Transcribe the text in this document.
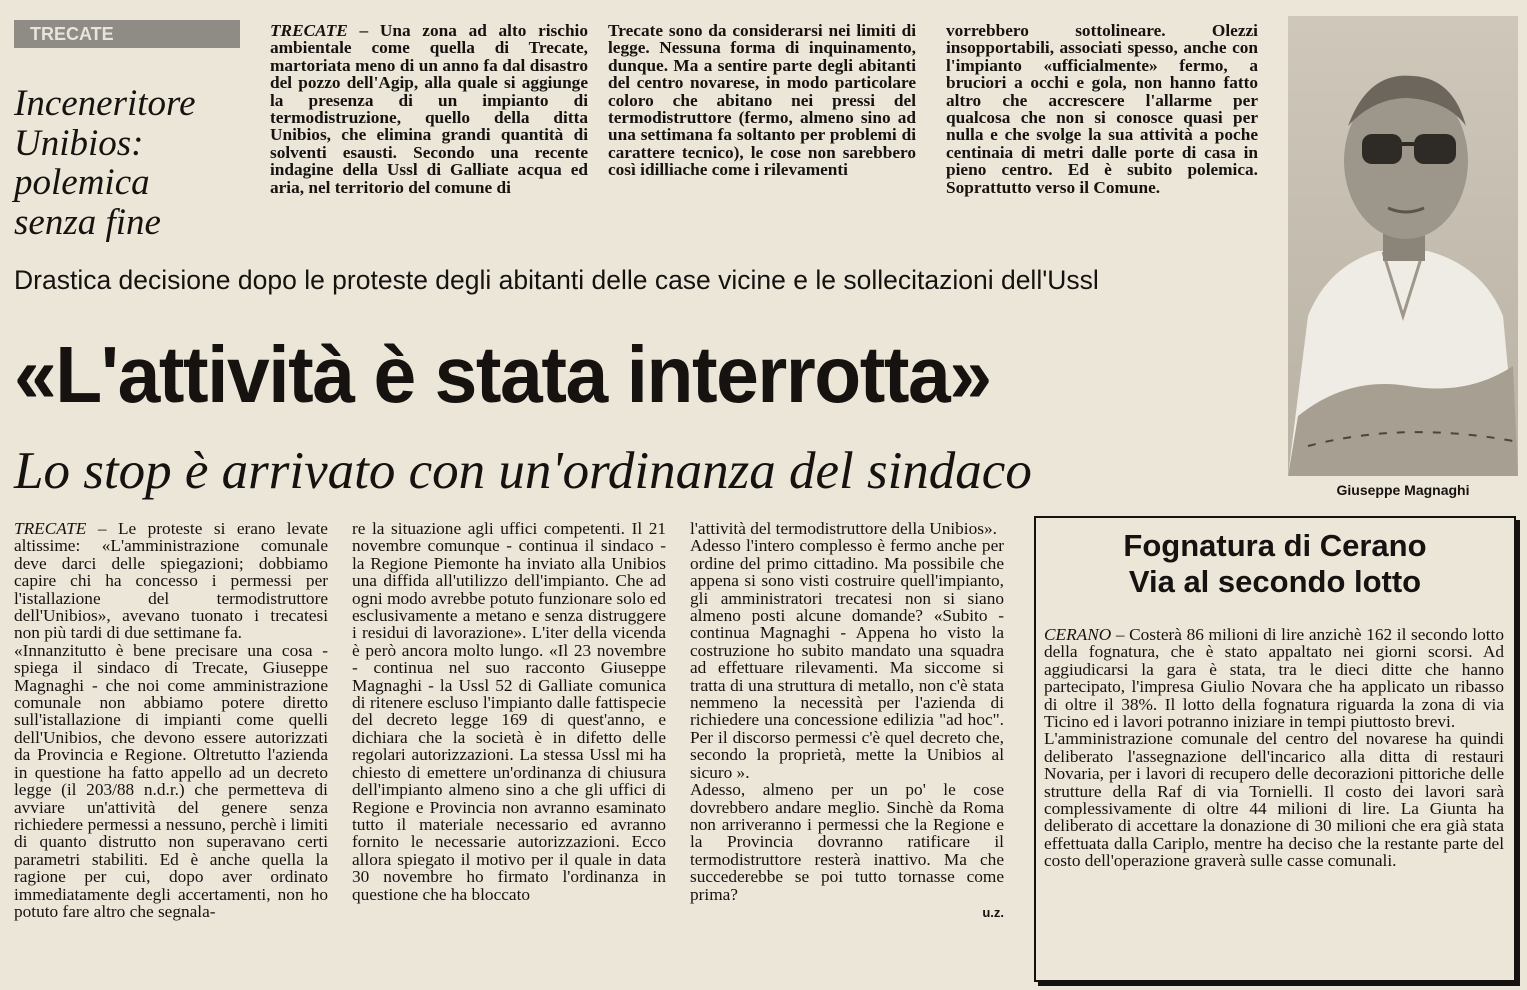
TRECATE
Inceneritore
Unibios:
polemica
senza fine

TRECATE – Una zona ad alto rischio ambientale come quella di Trecate, martoriata meno di un anno fa dal disastro del pozzo dell'Agip, alla quale si aggiunge la presenza di un impianto di termodistruzione, quello della ditta Unibios, che elimina grandi quantità di solventi esausti. Secondo una recente indagine della Ussl di Galliate acqua ed aria, nel territorio del comune di

Trecate sono da considerarsi nei limiti di legge. Nessuna forma di inquinamento, dunque. Ma a sentire parte degli abitanti del centro novarese, in modo particolare coloro che abitano nei pressi del termodistruttore (fermo, almeno sino ad una settimana fa soltanto per problemi di carattere tecnico), le cose non sarebbero così idilliache come i rilevamenti

vorrebbero sottolineare. Olezzi insopportabili, associati spesso, anche con l'impianto «ufficialmente» fermo, a bruciori a occhi e gola, non hanno fatto altro che accrescere l'allarme per qualcosa che non si conosce quasi per nulla e che svolge la sua attività a poche centinaia di metri dalle porte di casa in pieno centro. Ed è subito polemica. Soprattutto verso il Comune.

Giuseppe Magnaghi
Drastica decisione dopo le proteste degli abitanti delle case vicine e le sollecitazioni dell'Ussl
«L'attività è stata interrotta»
Lo stop è arrivato con un'ordinanza del sindaco

TRECATE – Le proteste si erano levate altissime: «L'amministrazione comunale deve darci delle spiegazioni; dobbiamo capire chi ha concesso i permessi per l'istallazione del termodistruttore dell'Unibios», avevano tuonato i trecatesi non più tardi di due settimane fa.

«Innanzitutto è bene precisare una cosa - spiega il sindaco di Trecate, Giuseppe Magnaghi - che noi come amministrazione comunale non abbiamo potere diretto sull'istallazione di impianti come quelli dell'Unibios, che devono essere autorizzati da Provincia e Regione. Oltretutto l'azienda in questione ha fatto appello ad un decreto legge (il 203/88 n.d.r.) che permetteva di avviare un'attività del genere senza richiedere permessi a nessuno, perchè i limiti di quanto distrutto non superavano certi parametri stabiliti. Ed è anche quella la ragione per cui, dopo aver ordinato immediatamente degli accertamenti, non ho potuto fare altro che segnala-

re la situazione agli uffici competenti. Il 21 novembre comunque - continua il sindaco - la Regione Piemonte ha inviato alla Unibios una diffida all'utilizzo dell'impianto. Che ad ogni modo avrebbe potuto funzionare solo ed esclusivamente a metano e senza distruggere i residui di lavorazione». L'iter della vicenda è però ancora molto lungo. «Il 23 novembre - continua nel suo racconto Giuseppe Magnaghi - la Ussl 52 di Galliate comunica di ritenere escluso l'impianto dalle fattispecie del decreto legge 169 di quest'anno, e dichiara che la società è in difetto delle regolari autorizzazioni. La stessa Ussl mi ha chiesto di emettere un'ordinanza di chiusura dell'impianto almeno sino a che gli uffici di Regione e Provincia non avranno esaminato tutto il materiale necessario ed avranno fornito le necessarie autorizzazioni. Ecco allora spiegato il motivo per il quale in data 30 novembre ho firmato l'ordinanza in questione che ha bloccato

l'attività del termodistruttore della Unibios».

Adesso l'intero complesso è fermo anche per ordine del primo cittadino. Ma possibile che appena si sono visti costruire quell'impianto, gli amministratori trecatesi non si siano almeno posti alcune domande? «Subito - continua Magnaghi - Appena ho visto la costruzione ho subito mandato una squadra ad effettuare rilevamenti. Ma siccome si tratta di una struttura di metallo, non c'è stata nemmeno la necessità per l'azienda di richiedere una concessione edilizia "ad hoc". Per il discorso permessi c'è quel decreto che, secondo la proprietà, mette la Unibios al sicuro ».

Adesso, almeno per un po' le cose dovrebbero andare meglio. Sinchè da Roma non arriveranno i permessi che la Regione e la Provincia dovranno ratificare il termodistruttore resterà inattivo. Ma che succederebbe se poi tutto tornasse come prima?

u.z.

Fognatura di Cerano
Via al secondo lotto

CERANO – Costerà 86 milioni di lire anzichè 162 il secondo lotto della fognatura, che è stato appaltato nei giorni scorsi. Ad aggiudicarsi la gara è stata, tra le dieci ditte che hanno partecipato, l'impresa Giulio Novara che ha applicato un ribasso di oltre il 38%. Il lotto della fognatura riguarda la zona di via Ticino ed i lavori potranno iniziare in tempi piuttosto brevi.

L'amministrazione comunale del centro del novarese ha quindi deliberato l'assegnazione dell'incarico alla ditta di restauri Novaria, per i lavori di recupero delle decorazioni pittoriche delle strutture della Raf di via Tornielli. Il costo dei lavori sarà complessivamente di oltre 44 milioni di lire. La Giunta ha deliberato di accettare la donazione di 30 milioni che era già stata effettuata dalla Cariplo, mentre ha deciso che la restante parte del costo dell'operazione graverà sulle casse comunali.
